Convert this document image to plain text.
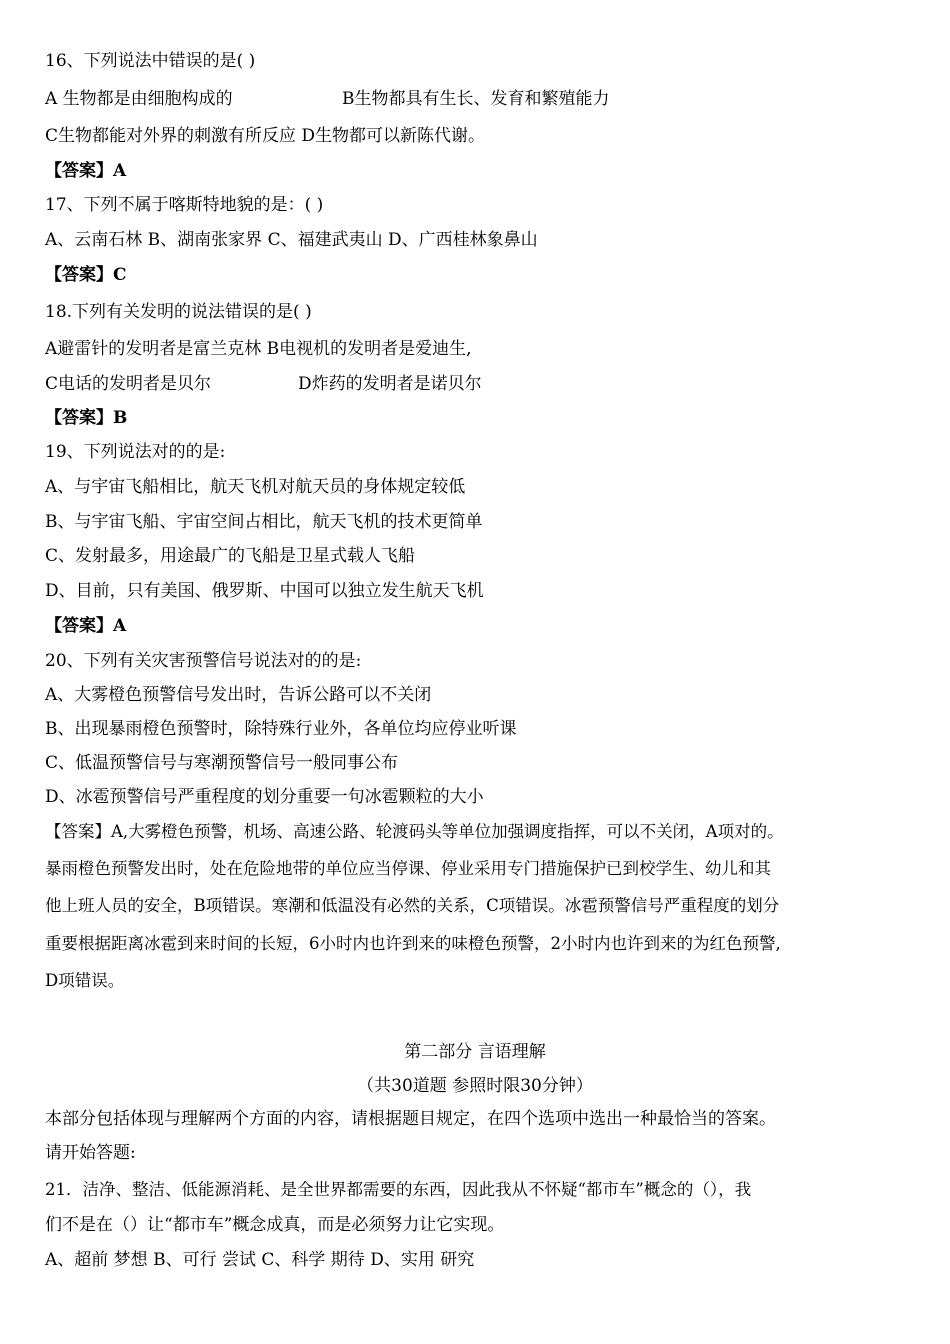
16、下列说法中错误的是( )
A 生物都是由细胞构成的	B生物都具有生长、发育和繁殖能力
C生物都能对外界的刺激有所反应 D生物都可以新陈代谢。
【答案】A
17、下列不属于喀斯特地貌的是：( )
A、云南石林 B、湖南张家界 C、福建武夷山 D、广西桂林象鼻山
【答案】C
18.下列有关发明的说法错误的是( )
A避雷针的发明者是富兰克林 B电视机的发明者是爱迪生,
C电话的发明者是贝尔	D炸药的发明者是诺贝尔
【答案】B
19、下列说法对的的是:
A、与宇宙飞船相比，航天飞机对航天员的身体规定较低
B、与宇宙飞船、宇宙空间占相比，航天飞机的技术更简单
C、发射最多，用途最广的飞船是卫星式载人飞船
D、目前，只有美国、俄罗斯、中国可以独立发生航天飞机
【答案】A
20、下列有关灾害预警信号说法对的的是:
A、大雾橙色预警信号发出时，告诉公路可以不关闭
B、出现暴雨橙色预警时，除特殊行业外，各单位均应停业听课
C、低温预警信号与寒潮预警信号一般同事公布
D、冰雹预警信号严重程度的划分重要一句冰雹颗粒的大小
【答案】A,大雾橙色预警，机场、高速公路、轮渡码头等单位加强调度指挥，可以不关闭，A项对的。
暴雨橙色预警发出时，处在危险地带的单位应当停课、停业采用专门措施保护已到校学生、幼儿和其
他上班人员的安全，B项错误。寒潮和低温没有必然的关系，C项错误。冰雹预警信号严重程度的划分
重要根据距离冰雹到来时间的长短，6小时内也许到来的味橙色预警，2小时内也许到来的为红色预警,
D项错误。
第二部分 言语理解
（共30道题 参照时限30分钟）
本部分包括体现与理解两个方面的内容，请根据题目规定，在四个选项中选出一种最恰当的答案。
请开始答题:
21．洁净、整洁、低能源消耗、是全世界都需要的东西，因此我从不怀疑“都市车”概念的（），我
们不是在（）让“都市车”概念成真，而是必须努力让它实现。
A、超前 梦想 B、可行 尝试 C、科学 期待 D、实用 研究
